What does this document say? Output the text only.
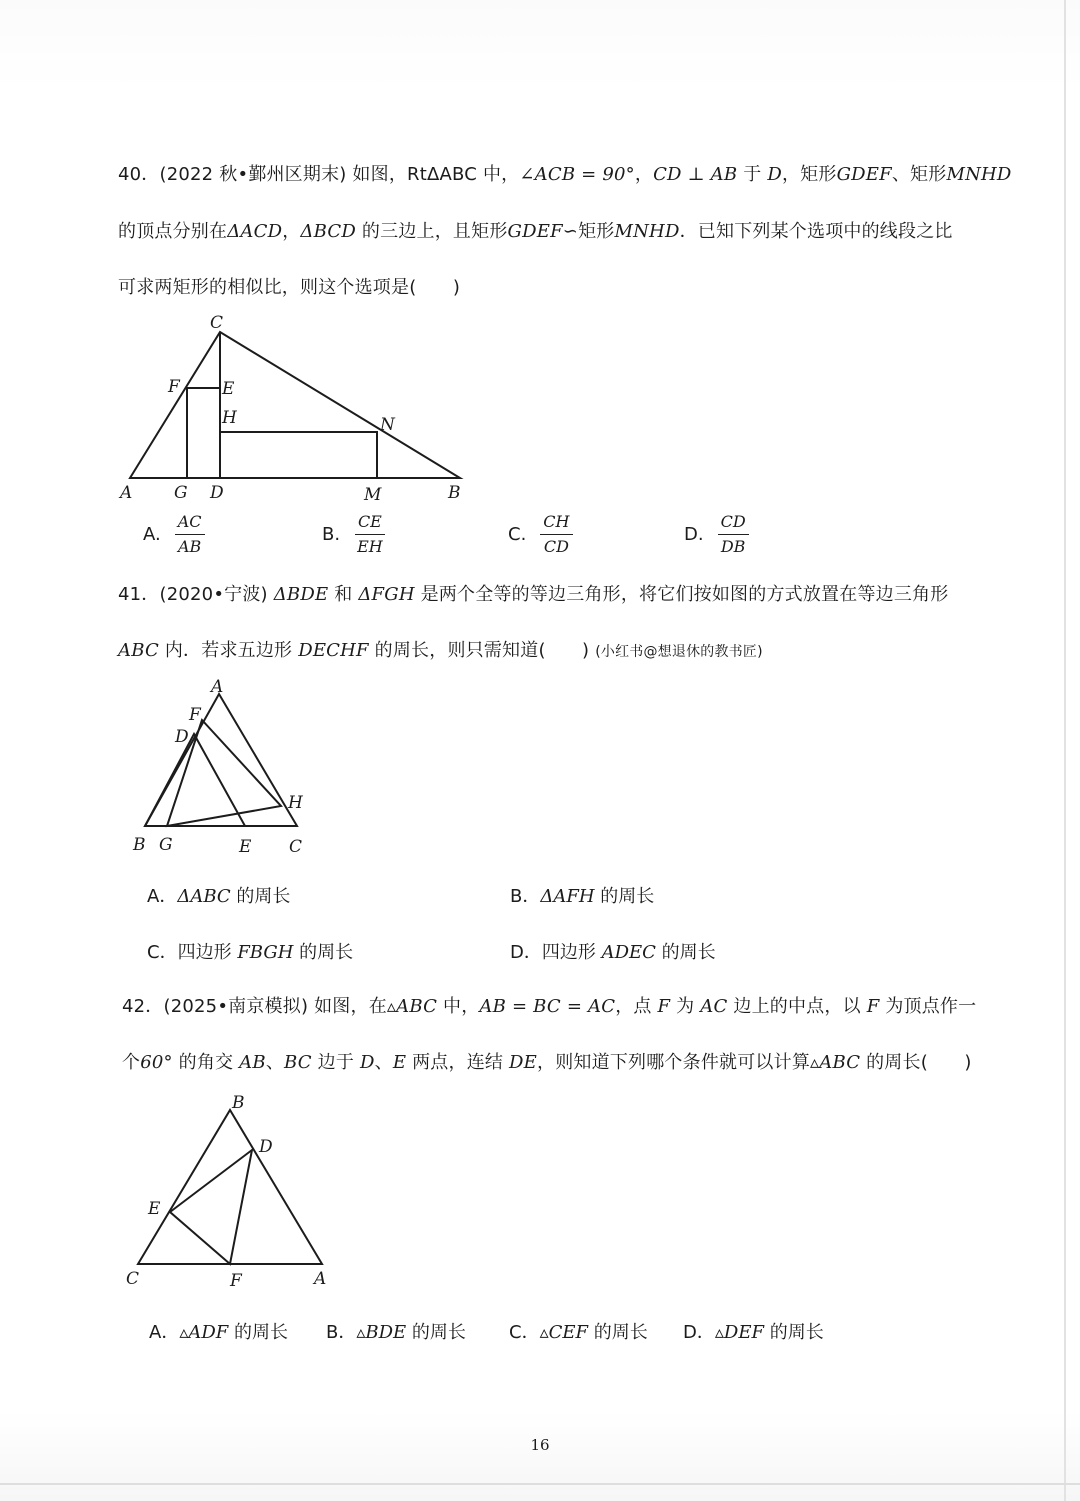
40．(2022 秋•鄞州区期末) 如图，RtΔABC 中，∠ACB = 90°，CD ⊥ AB 于 D，矩形GDEF、矩形MNHD
的顶点分别在ΔACD，ΔBCD 的三边上，且矩形GDEF∽矩形MNHD．已知下列某个选项中的线段之比
可求两矩形的相似比，则这个选项是(　　)
C
F E
H	N
A G D	M	B
A. $\frac{AC}{AB}$	B. $\frac{CE}{EH}$	C. $\frac{CH}{CD}$	D. $\frac{CD}{DB}$
41．(2020•宁波) ΔBDE 和 ΔFGH 是两个全等的等边三角形，将它们按如图的方式放置在等边三角形
ABC 内．若求五边形 DECHF 的周长，则只需知道(　　) (小红书@想退休的教书匠)
A
F
D
H
B G	E C
A．ΔABC 的周长	B．ΔAFH 的周长
C．四边形 FBGH 的周长	D．四边形 ADEC 的周长
42．(2025•南京模拟) 如图，在▵ABC 中，AB = BC = AC，点 F 为 AC 边上的中点，以 F 为顶点作一
个60° 的角交 AB、BC 边于 D、E 两点，连结 DE，则知道下列哪个条件就可以计算▵ABC 的周长(　　)
B
D
E
C	F	A
A．▵ADF 的周长 B．▵BDE 的周长 C．▵CEF 的周长 D．▵DEF 的周长
16
